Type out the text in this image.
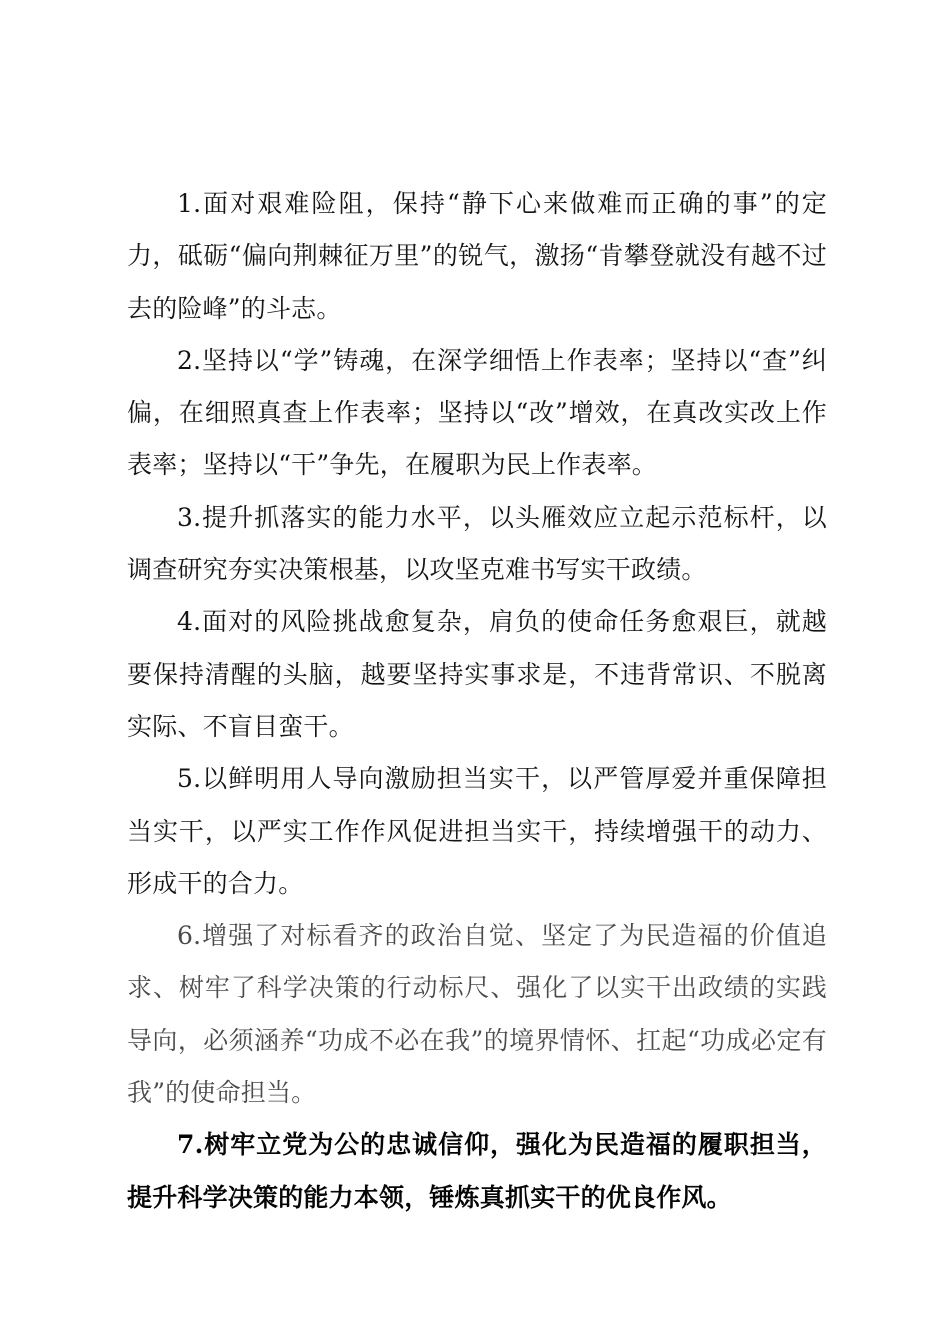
1.面对艰难险阻，保持“静下心来做难而正确的事”的定力，砥砺“偏向荆棘征万里”的锐气，激扬“肯攀登就没有越不过去的险峰”的斗志。

2.坚持以“学”铸魂，在深学细悟上作表率；坚持以“查”纠偏，在细照真查上作表率；坚持以“改”增效，在真改实改上作表率；坚持以“干”争先，在履职为民上作表率。

3.提升抓落实的能力水平，以头雁效应立起示范标杆，以调查研究夯实决策根基，以攻坚克难书写实干政绩。

4.面对的风险挑战愈复杂，肩负的使命任务愈艰巨，就越要保持清醒的头脑，越要坚持实事求是，不违背常识、不脱离实际、不盲目蛮干。

5.以鲜明用人导向激励担当实干，以严管厚爱并重保障担当实干，以严实工作作风促进担当实干，持续增强干的动力、形成干的合力。

6.增强了对标看齐的政治自觉、坚定了为民造福的价值追求、树牢了科学决策的行动标尺、强化了以实干出政绩的实践导向，必须涵养“功成不必在我”的境界情怀、扛起“功成必定有我”的使命担当。

7.树牢立党为公的忠诚信仰，强化为民造福的履职担当，提升科学决策的能力本领，锤炼真抓实干的优良作风。
